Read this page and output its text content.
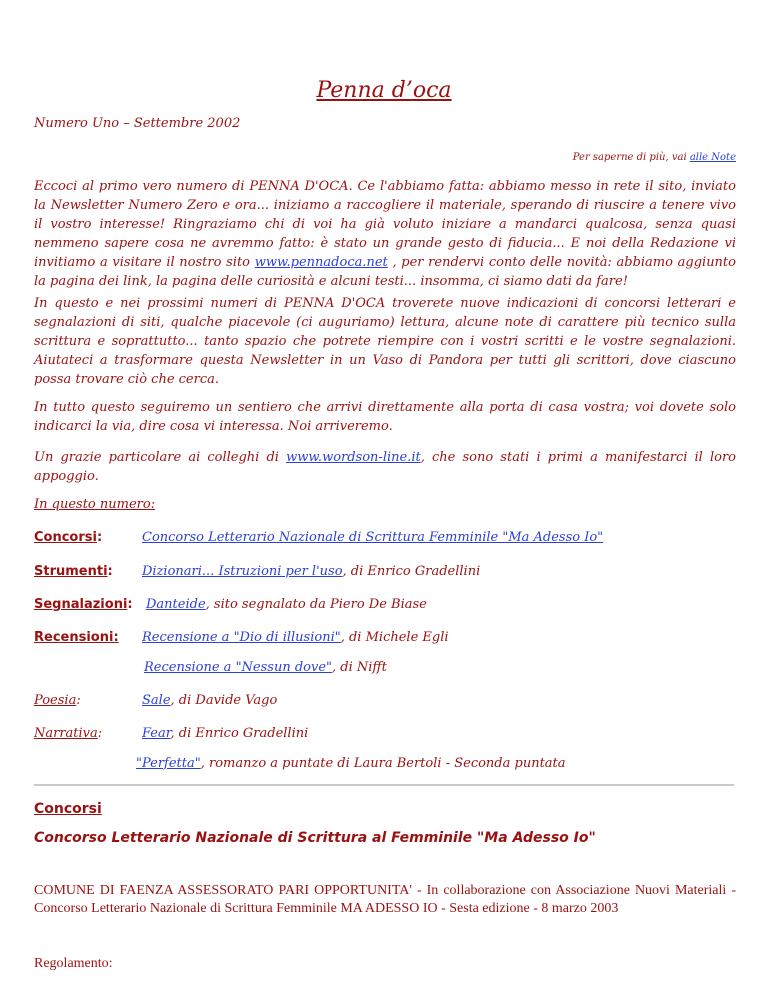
Penna d’oca
Numero Uno – Settembre 2002
Per saperne di più, vai alle Note

Eccoci al primo vero numero di PENNA D'OCA. Ce l'abbiamo fatta: abbiamo messo in rete il sito, inviato la Newsletter Numero Zero e ora... iniziamo a raccogliere il materiale, sperando di riuscire a tenere vivo il vostro interesse! Ringraziamo chi di voi ha già voluto iniziare a mandarci qualcosa, senza quasi nemmeno sapere cosa ne avremmo fatto: è stato un grande gesto di fiducia... E noi della Redazione vi invitiamo a visitare il nostro sito www.pennadoca.net , per rendervi conto delle novità: abbiamo aggiunto la pagina dei link, la pagina delle curiosità e alcuni testi... insomma, ci siamo dati da fare!

In questo e nei prossimi numeri di PENNA D'OCA troverete nuove indicazioni di concorsi letterari e segnalazioni di siti, qualche piacevole (ci auguriamo) lettura, alcune note di carattere più tecnico sulla scrittura e soprattutto... tanto spazio che potrete riempire con i vostri scritti e le vostre segnalazioni. Aiutateci a trasformare questa Newsletter in un Vaso di Pandora per tutti gli scrittori, dove ciascuno possa trovare ciò che cerca.

In tutto questo seguiremo un sentiero che arrivi direttamente alla porta di casa vostra; voi dovete solo indicarci la via, dire cosa vi interessa. Noi arriveremo.

Un grazie particolare ai colleghi di www.wordson-line.it, che sono stati i primi a manifestarci il loro appoggio.

In questo numero:
Concorsi:	Concorso Letterario Nazionale di Scrittura Femminile "Ma Adesso Io"
Strumenti: Dizionari... Istruzioni per l'uso, di Enrico Gradellini
Segnalazioni: Danteide, sito segnalato da Piero De Biase
Recensioni: Recensione a "Dio di illusioni", di Michele Egli
Recensione a "Nessun dove", di Nifft
Poesia:	Sale, di Davide Vago
Narrativa:	Fear, di Enrico Gradellini
"Perfetta", romanzo a puntate di Laura Bertoli - Seconda puntata
Concorsi
Concorso Letterario Nazionale di Scrittura al Femminile "Ma Adesso Io"

COMUNE DI FAENZA ASSESSORATO PARI OPPORTUNITA' - In collaborazione con Associazione Nuovi Materiali - Concorso Letterario Nazionale di Scrittura Femminile MA ADESSO IO - Sesta edizione - 8 marzo 2003

Regolamento:
